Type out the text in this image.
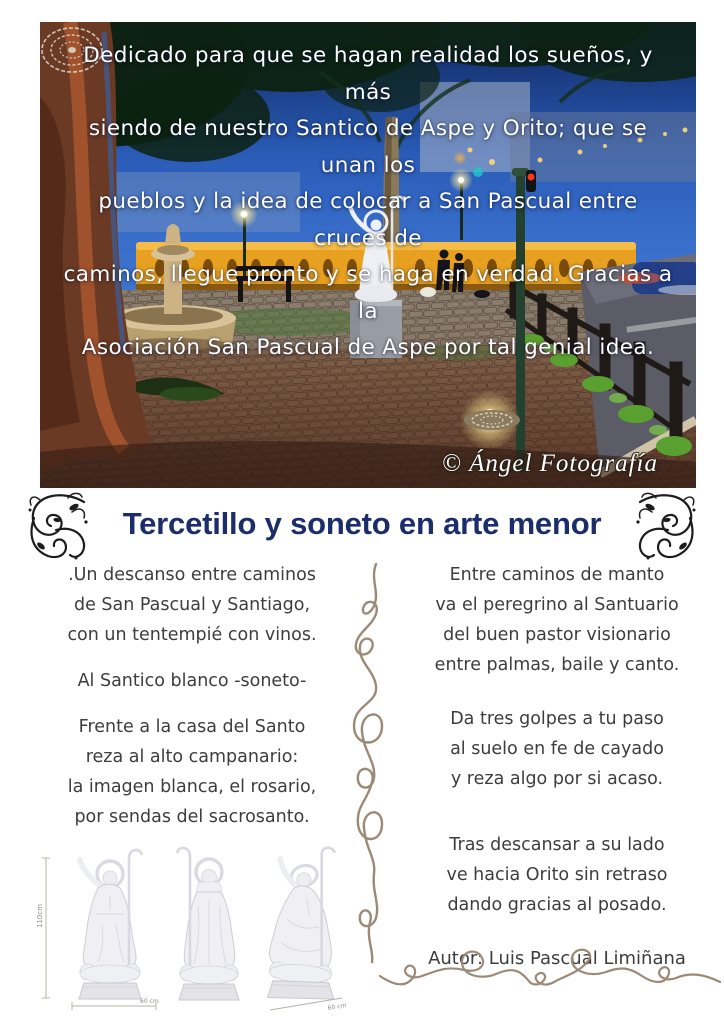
Dedicado para que se hagan realidad los sueños, y más
siendo de nuestro Santico de Aspe y Orito; que se unan los
pueblos y la idea de colocar a San Pascual entre cruces de
caminos, llegue pronto y se haga en verdad. Gracias a la
Asociación San Pascual de Aspe por tal genial idea.
© Ángel Fotografía
Tercetillo y soneto en arte menor
.Un descanso entre caminos
de San Pascual y Santiago,
con un tentempié con vinos.
Al Santico blanco -soneto-
Frente a la casa del Santo
reza al alto campanario:
la imagen blanca, el rosario,
por sendas del sacrosanto.
Entre caminos de manto
va el peregrino al Santuario
del buen pastor visionario
entre palmas, baile y canto.
Da tres golpes a tu paso
al suelo en fe de cayado
y reza algo por si acaso.
Tras descansar a su lado
ve hacia Orito sin retraso
dando gracias al posado.
Autor: Luis Pascual Limiñana
110cm
60 cm
60 cm
